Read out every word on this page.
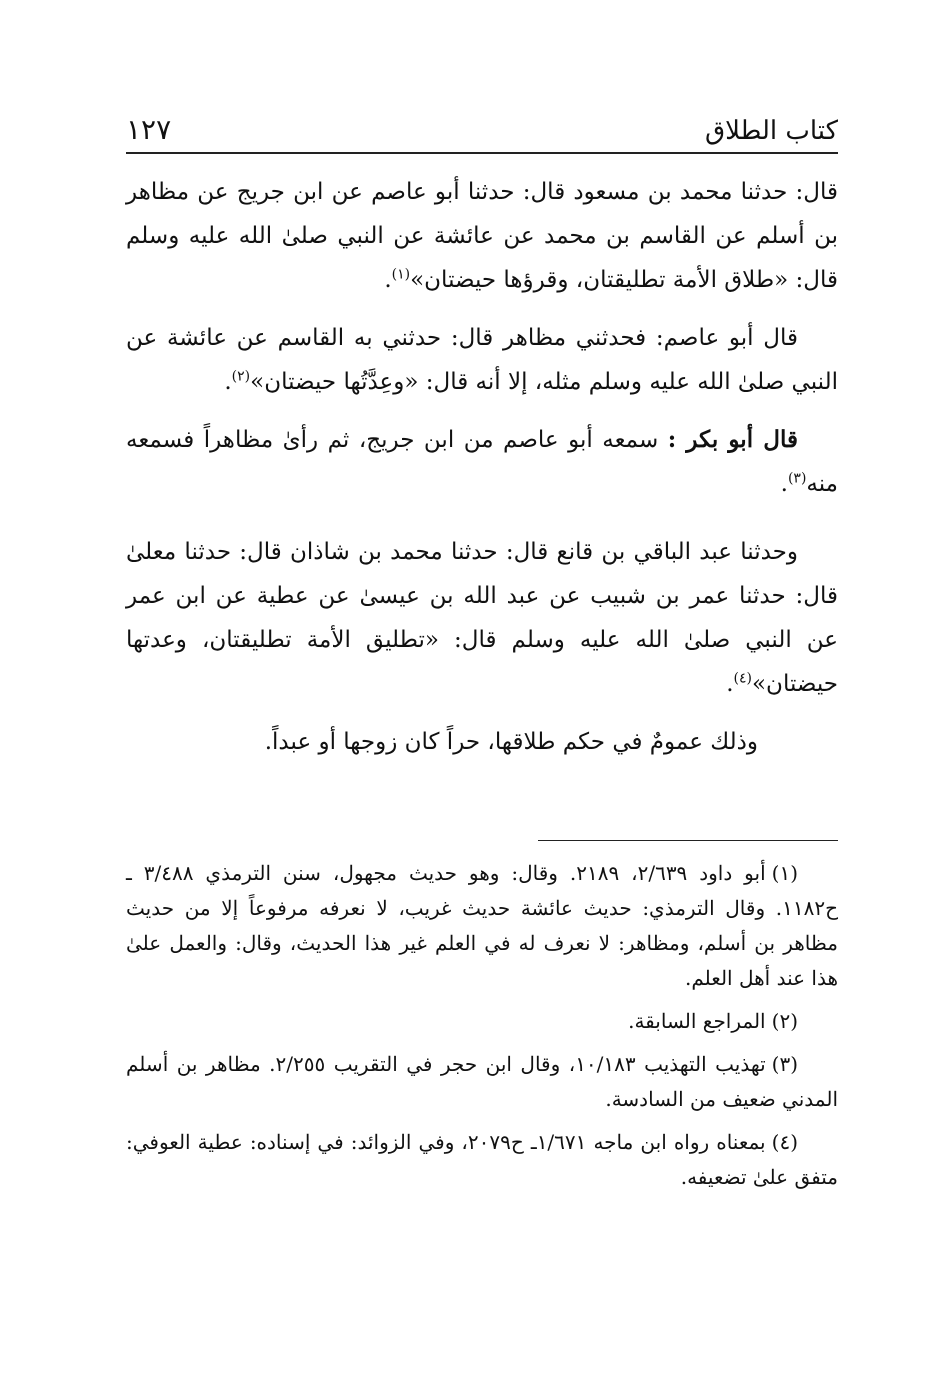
كتاب الطلاق
١٢٧

قال: حدثنا محمد بن مسعود قال: حدثنا أبو عاصم عن ابن جريج عن مظاهر بن أسلم عن القاسم بن محمد عن عائشة عن النبي صلىٰ الله عليه وسلم قال: «طلاق الأمة تطليقتان، وقرؤها حيضتان»$^{(١)}$.

قال أبو عاصم: فحدثني مظاهر قال: حدثني به القاسم عن عائشة عن النبي صلىٰ الله عليه وسلم مثله، إلا أنه قال: «وعِدَّتُها حيضتان»$^{(٢)}$.

قال أبو بكر : سمعه أبو عاصم من ابن جريج، ثم رأىٰ مظاهراً فسمعه منه$^{(٣)}$.

وحدثنا عبد الباقي بن قانع قال: حدثنا محمد بن شاذان قال: حدثنا معلىٰ قال: حدثنا عمر بن شبيب عن عبد الله بن عيسىٰ عن عطية عن ابن عمر عن النبي صلىٰ الله عليه وسلم قال: «تطليق الأمة تطليقتان، وعدتها حيضتان»$^{(٤)}$.

وذلك عمومٌ في حكم طلاقها، حراً كان زوجها أو عبداً.

(١)أبو داود ٢/٦٣٩، ٢١٨٩. وقال: وهو حديث مجهول، سنن الترمذي ٣/٤٨٨ ـ ح١١٨٢. وقال الترمذي: حديث عائشة حديث غريب، لا نعرفه مرفوعاً إلا من حديث مظاهر بن أسلم، ومظاهر: لا نعرف له في العلم غير هذا الحديث، وقال: والعمل علىٰ هذا عند أهل العلم.

(٢)المراجع السابقة.

(٣)تهذيب التهذيب ١٠/١٨٣، وقال ابن حجر في التقريب ٢/٢٥٥. مظاهر بن أسلم المدني ضعيف من السادسة.

(٤)بمعناه رواه ابن ماجه ١/٦٧١ـ ح٢٠٧٩، وفي الزوائد: في إسناده: عطية العوفي: متفق علىٰ تضعيفه.
